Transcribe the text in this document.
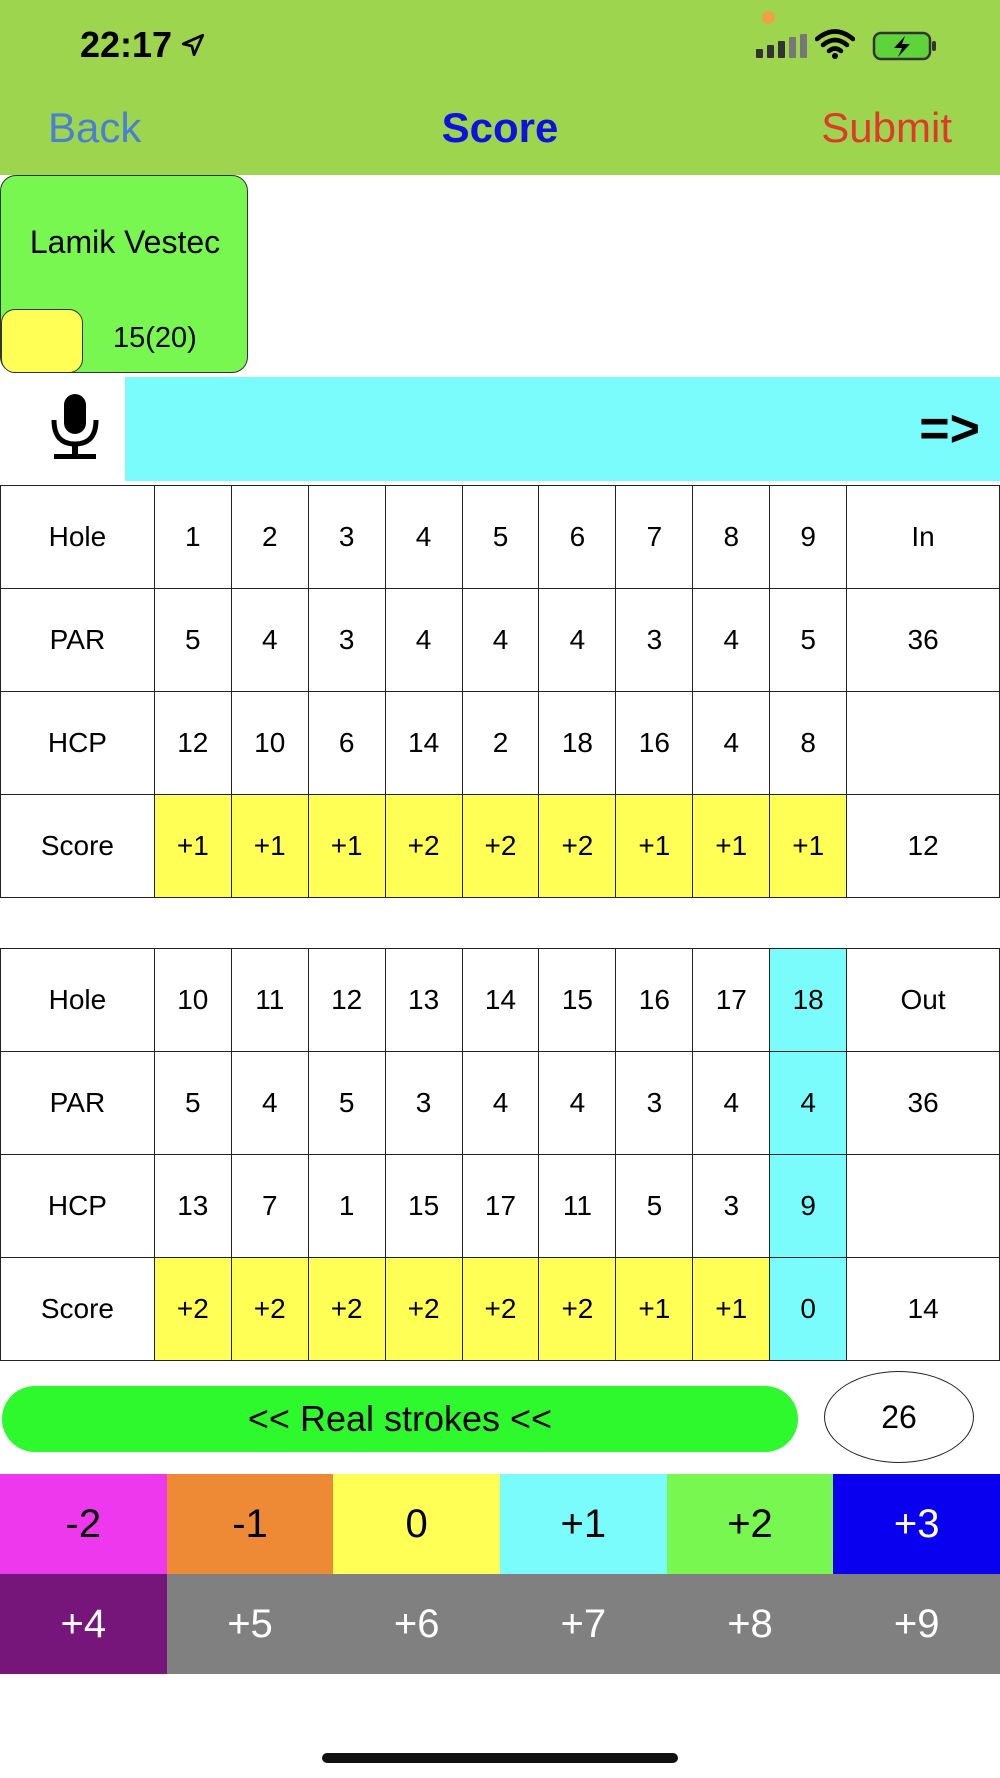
22:17
Back	Score	Submit
Lamik Vestec
15(20)
=>
Hole	1	2	3	4	5	6	7	8	9	In
PAR	5	4	3	4	4	4	3	4	5	36
HCP	12	10	6	14	2	18	16	4	8	
Score	+1	+1	+1	+2	+2	+2	+1	+1	+1	12
Hole	10	11	12	13	14	15	16	17	18	Out
PAR	5	4	5	3	4	4	3	4	4	36
HCP	13	7	1	15	17	11	5	3	9	
Score	+2	+2	+2	+2	+2	+2	+1	+1	0	14
<< Real strokes <<	26
-2	-1	0	+1	+2	+3
+4	+5	+6	+7	+8	+9
